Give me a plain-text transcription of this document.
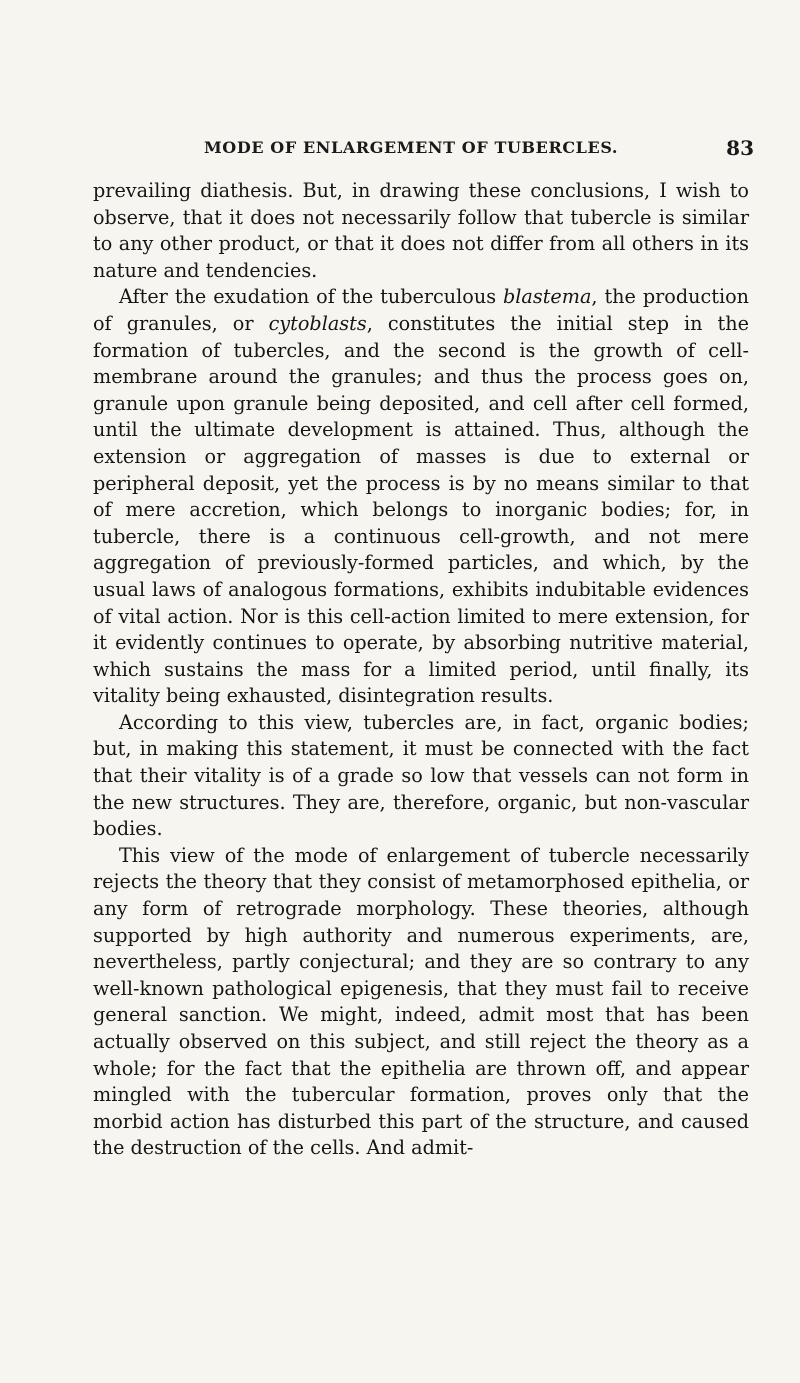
MODE OF ENLARGEMENT OF TUBERCLES.	83

prevailing diathesis. But, in drawing these conclusions, I wish to observe, that it does not necessarily follow that tubercle is similar to any other product, or that it does not differ from all others in its nature and tendencies.

After the exudation of the tuberculous blastema, the production of granules, or cytoblasts, constitutes the initial step in the formation of tubercles, and the second is the growth of cell-membrane around the granules; and thus the process goes on, granule upon granule being deposited, and cell after cell formed, until the ultimate development is attained. Thus, although the extension or aggregation of masses is due to external or peripheral deposit, yet the process is by no means similar to that of mere accretion, which belongs to inorganic bodies; for, in tubercle, there is a continuous cell-growth, and not mere aggregation of previously-formed particles, and which, by the usual laws of analogous formations, exhibits indubitable evidences of vital action. Nor is this cell-action limited to mere extension, for it evidently continues to operate, by absorbing nutritive material, which sustains the mass for a limited period, until finally, its vitality being exhausted, disintegration results.

According to this view, tubercles are, in fact, organic bodies; but, in making this statement, it must be connected with the fact that their vitality is of a grade so low that vessels can not form in the new structures. They are, therefore, organic, but non-vascular bodies.

This view of the mode of enlargement of tubercle necessarily rejects the theory that they consist of metamorphosed epithelia, or any form of retrograde morphology. These theories, although supported by high authority and numerous experiments, are, nevertheless, partly conjectural; and they are so contrary to any well-known pathological epigenesis, that they must fail to receive general sanction. We might, indeed, admit most that has been actually observed on this subject, and still reject the theory as a whole; for the fact that the epithelia are thrown off, and appear mingled with the tubercular formation, proves only that the morbid action has disturbed this part of the structure, and caused the destruction of the cells. And admit-
